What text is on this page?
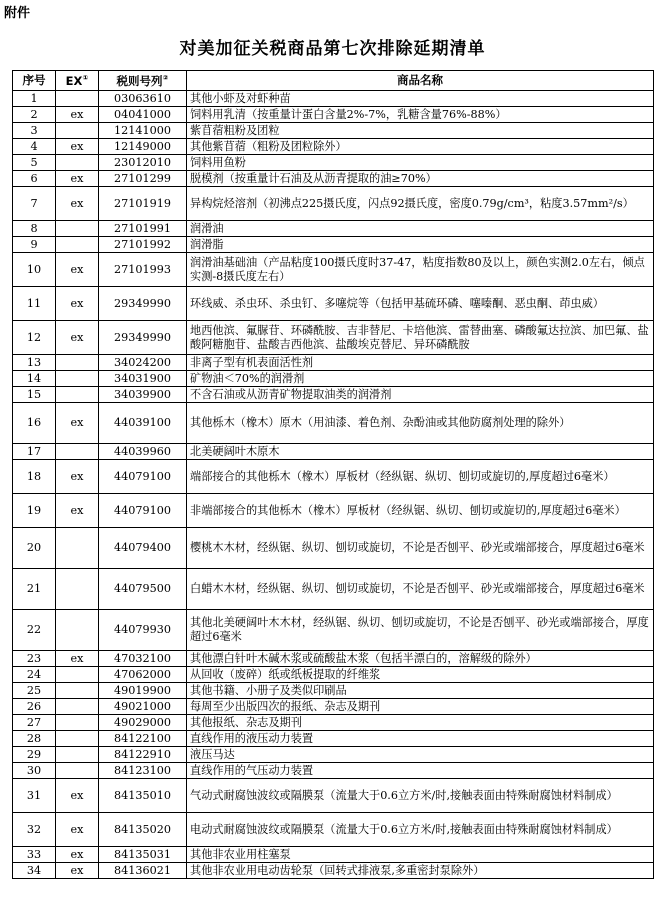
附件
对美加征关税商品第七次排除延期清单
序号	EX①	税则号列②	商品名称
1		03063610	其他小虾及对虾种苗
2	ex	04041000	饲料用乳清（按重量计蛋白含量2%-7%，乳糖含量76%-88%）
3		12141000	紫苜蓿粗粉及团粒
4	ex	12149000	其他紫苜蓿（粗粉及团粒除外）
5		23012010	饲料用鱼粉
6	ex	27101299	脱模剂（按重量计石油及从沥青提取的油≥70%）
7	ex	27101919	异构烷烃溶剂（初沸点225摄氏度，闪点92摄氏度，密度0.79g/cm³，粘度3.57mm²/s）
8		27101991	润滑油
9		27101992	润滑脂
10	ex	27101993	润滑油基础油（产品粘度100摄氏度时37-47，粘度指数80及以上，颜色实测2.0左右，倾点实测-8摄氏度左右）
11	ex	29349990	环线威、杀虫环、杀虫钉、多噻烷等（包括甲基硫环磷、噻嗪酮、恶虫酮、茚虫威）
12	ex	29349990	地西他滨、氟脲苷、环磷酰胺、吉非替尼、卡培他滨、雷替曲塞、磷酸氟达拉滨、加巴氟、盐酸阿糖胞苷、盐酸吉西他滨、盐酸埃克替尼、异环磷酰胺
13		34024200	非离子型有机表面活性剂
14		34031900	矿物油＜70%的润滑剂
15		34039900	不含石油或从沥青矿物提取油类的润滑剂
16	ex	44039100	其他栎木（橡木）原木（用油漆、着色剂、杂酚油或其他防腐剂处理的除外）
17		44039960	北美硬阔叶木原木
18	ex	44079100	端部接合的其他栎木（橡木）厚板材（经纵锯、纵切、刨切或旋切的,厚度超过6毫米）
19	ex	44079100	非端部接合的其他栎木（橡木）厚板材（经纵锯、纵切、刨切或旋切的,厚度超过6毫米）
20		44079400	樱桃木木材，经纵锯、纵切、刨切或旋切，不论是否刨平、砂光或端部接合，厚度超过6毫米
21		44079500	白蜡木木材，经纵锯、纵切、刨切或旋切，不论是否刨平、砂光或端部接合，厚度超过6毫米
22		44079930	其他北美硬阔叶木木材，经纵锯、纵切、刨切或旋切，不论是否刨平、砂光或端部接合，厚度超过6毫米
23	ex	47032100	其他漂白针叶木碱木浆或硫酸盐木浆（包括半漂白的，溶解级的除外）
24		47062000	从回收（废碎）纸或纸板提取的纤维浆
25		49019900	其他书籍、小册子及类似印刷品
26		49021000	每周至少出版四次的报纸、杂志及期刊
27		49029000	其他报纸、杂志及期刊
28		84122100	直线作用的液压动力装置
29		84122910	液压马达
30		84123100	直线作用的气压动力装置
31	ex	84135010	气动式耐腐蚀波纹或隔膜泵（流量大于0.6立方米/时,接触表面由特殊耐腐蚀材料制成）
32	ex	84135020	电动式耐腐蚀波纹或隔膜泵（流量大于0.6立方米/时,接触表面由特殊耐腐蚀材料制成）
33	ex	84135031	其他非农业用柱塞泵
34	ex	84136021	其他非农业用电动齿轮泵（回转式排液泵,多重密封泵除外）
